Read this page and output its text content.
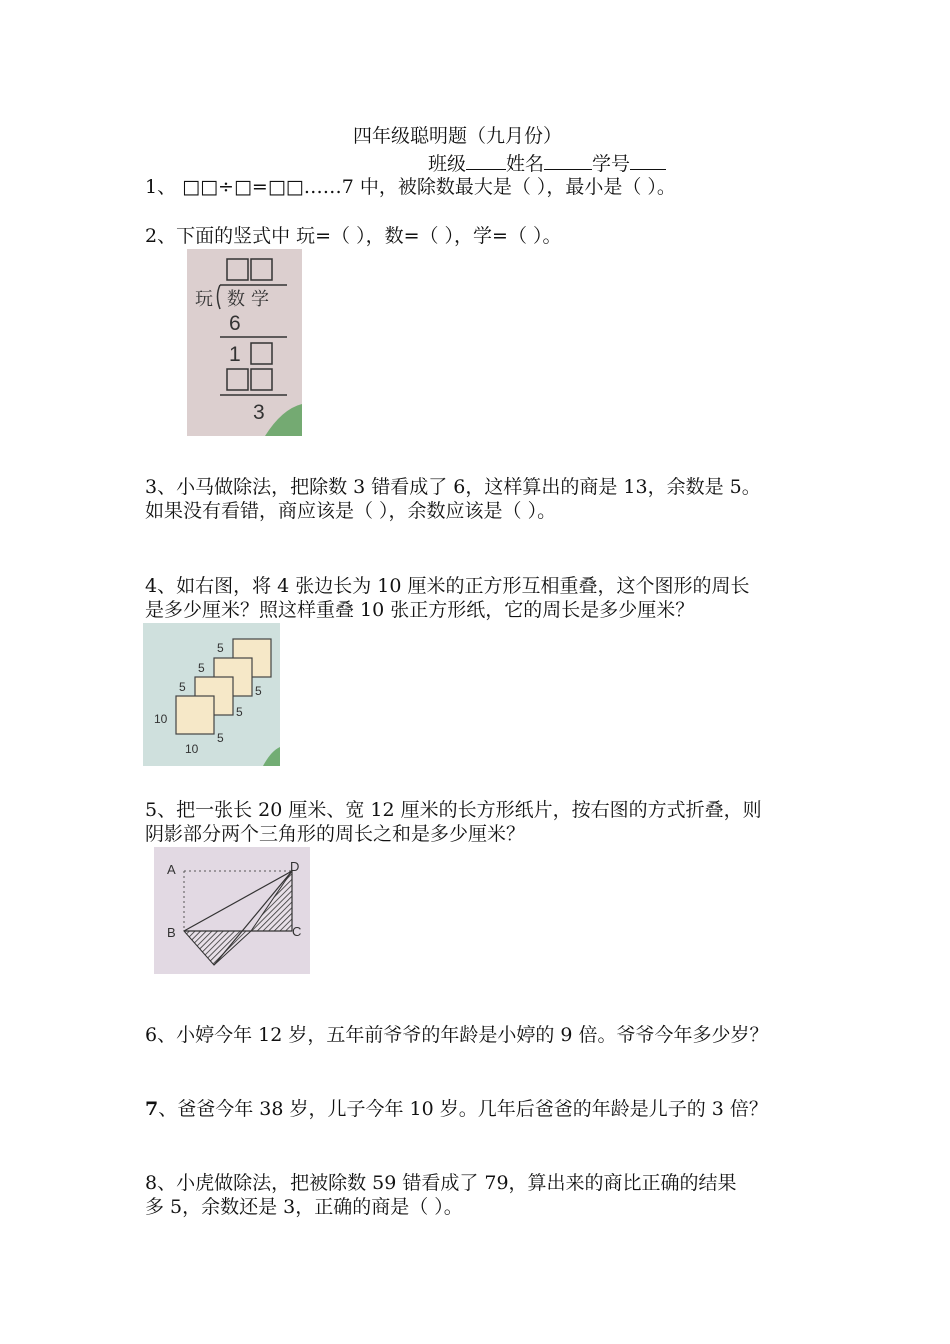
四年级聪明题（九月份）
班级 姓名	学号
1、 □□÷□=□□……7 中，被除数最大是（ ），最小是（ ）。
2、下面的竖式中 玩=（ ），数=（ ），学=（ ）。
玩 数 学
6
1
3
3、小马做除法，把除数 3 错看成了 6，这样算出的商是 13，余数是 5。
如果没有看错，商应该是（ ），余数应该是（ ）。
4、如右图，将 4 张边长为 10 厘米的正方形互相重叠，这个图形的周长
是多少厘米？照这样重叠 10 张正方形纸，它的周长是多少厘米？
5
5
5
10
5
5
5
10
5、把一张长 20 厘米、宽 12 厘米的长方形纸片，按右图的方式折叠，则
阴影部分两个三角形的周长之和是多少厘米？
A
B	C
D
6、小婷今年 12 岁，五年前爷爷的年龄是小婷的 9 倍。爷爷今年多少岁？
7、爸爸今年 38 岁，儿子今年 10 岁。几年后爸爸的年龄是儿子的 3 倍？
8、小虎做除法，把被除数 59 错看成了 79，算出来的商比正确的结果
多 5，余数还是 3，正确的商是（ ）。
